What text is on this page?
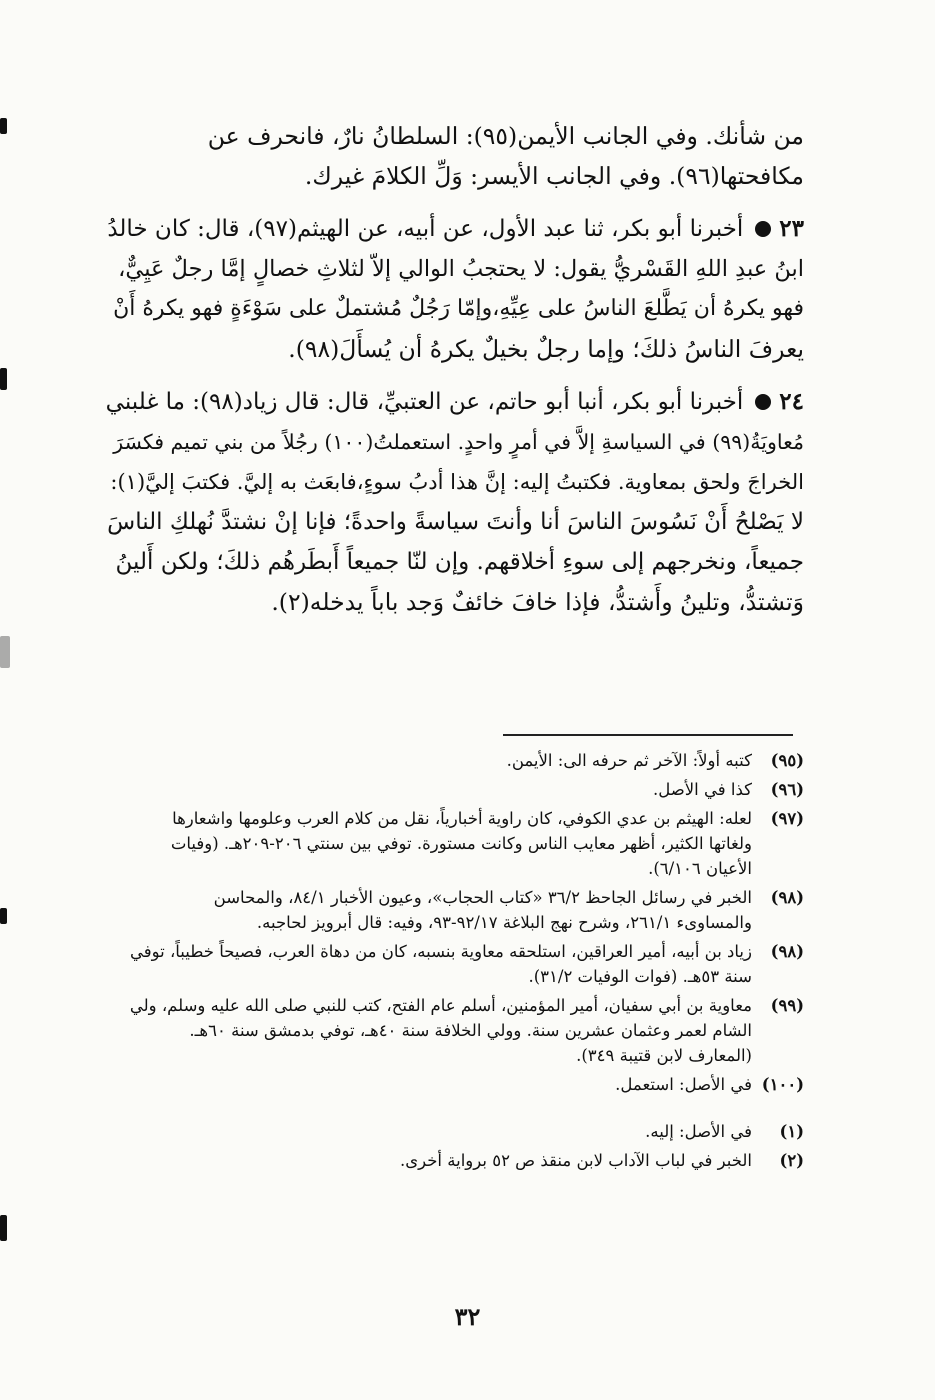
من شأنك. وفي الجانب الأيمن(٩٥): السلطانُ نارٌ، فانحرف عن
مكافحتها(٩٦). وفي الجانب الأيسر: وَلِّ الكلامَ غيرك.
٢٣أخبرنا أبو بكر، ثنا عبد الأول، عن أبيه، عن الهيثم(٩٧)، قال: كان خالدُ
ابنُ عبدِ اللهِ القَسْريُّ يقول: لا يحتجبُ الوالي إلاّ لثلاثِ خصالٍ إمَّا رجلٌ عَيِيٌّ،
فهو يكرهُ أن يَطَّلعَ الناسُ على عِيِّهِ،وإمّا رَجُلٌ مُشتملٌ على سَوْءَةٍ فهو يكرهُ أَنْ
يعرفَ الناسُ ذلكَ؛ وإما رجلٌ بخيلٌ يكرهُ أن يُسأَلَ(٩٨).
٢٤أخبرنا أبو بكر، أنبا أبو حاتم، عن العتبيِّ، قال: قال زياد(٩٨): ما غلبني
مُعاويَةُ(٩٩) في السياسةِ إلاَّ في أمرٍ واحدٍ. استعملتُ(١٠٠) رجُلاً من بني تميم فكسَرَ
الخراجَ ولحق بمعاوية. فكتبتُ إليه: إنَّ هذا أدبُ سوءٍ،فابعَث به إليَّ. فكتبَ إليَّ(١):
لا يَصْلحُ أَنْ نَسُوسَ الناسَ أنا وأنتَ سياسةً واحدةً؛ فإنا إنْ نشتدَّ نُهلكِ الناسَ
جميعاً، ونخرجهم إلى سوءِ أخلاقهم. وإن لنّا جميعاً أَبطَرهُم ذلكَ؛ ولكن أَلينُ
وَتشتدُّ، وتلينُ وأَشتدُّ، فإذا خافَ خائفٌ وَجد باباً يدخله(٢).
(٩٥)
كتبه أولاً: الآخر ثم حرفه الى: الأيمن.
(٩٦)
كذا في الأصل.
(٩٧)
لعله: الهيثم بن عدي الكوفي، كان راوية أخبارياً، نقل من كلام العرب وعلومها واشعارها
ولغاتها الكثير، أظهر معايب الناس وكانت مستورة. توفي بين سنتي ٢٠٦-٢٠٩هـ. (وفيات
الأعيان ٦/١٠٦).
(٩٨)
الخبر في رسائل الجاحظ ٣٦/٢ «كتاب الحجاب»، وعيون الأخبار ٨٤/١، والمحاسن
والمساوىء ٢٦١/١، وشرح نهج البلاغة ٩٢/١٧-٩٣، وفيه: قال أبرويز لحاجبه.
(٩٨)
زياد بن أبيه، أمير العراقين، استلحقه معاوية بنسبه، كان من دهاة العرب، فصيحاً خطيباً، توفي
سنة ٥٣هـ. (فوات الوفيات ٣١/٢).
(٩٩)
معاوية بن أبي سفيان، أمير المؤمنين، أسلم عام الفتح، كتب للنبي صلى الله عليه وسلم، ولي
الشام لعمر وعثمان عشرين سنة. وولي الخلافة سنة ٤٠هـ، توفي بدمشق سنة ٦٠هـ.
(المعارف لابن قتيبة ٣٤٩).
(١٠٠)
في الأصل: استعمل.
(١)
في الأصل: إليه.
(٢)
الخبر في لباب الآداب لابن منقذ ص ٥٢ برواية أخرى.
٣٢
